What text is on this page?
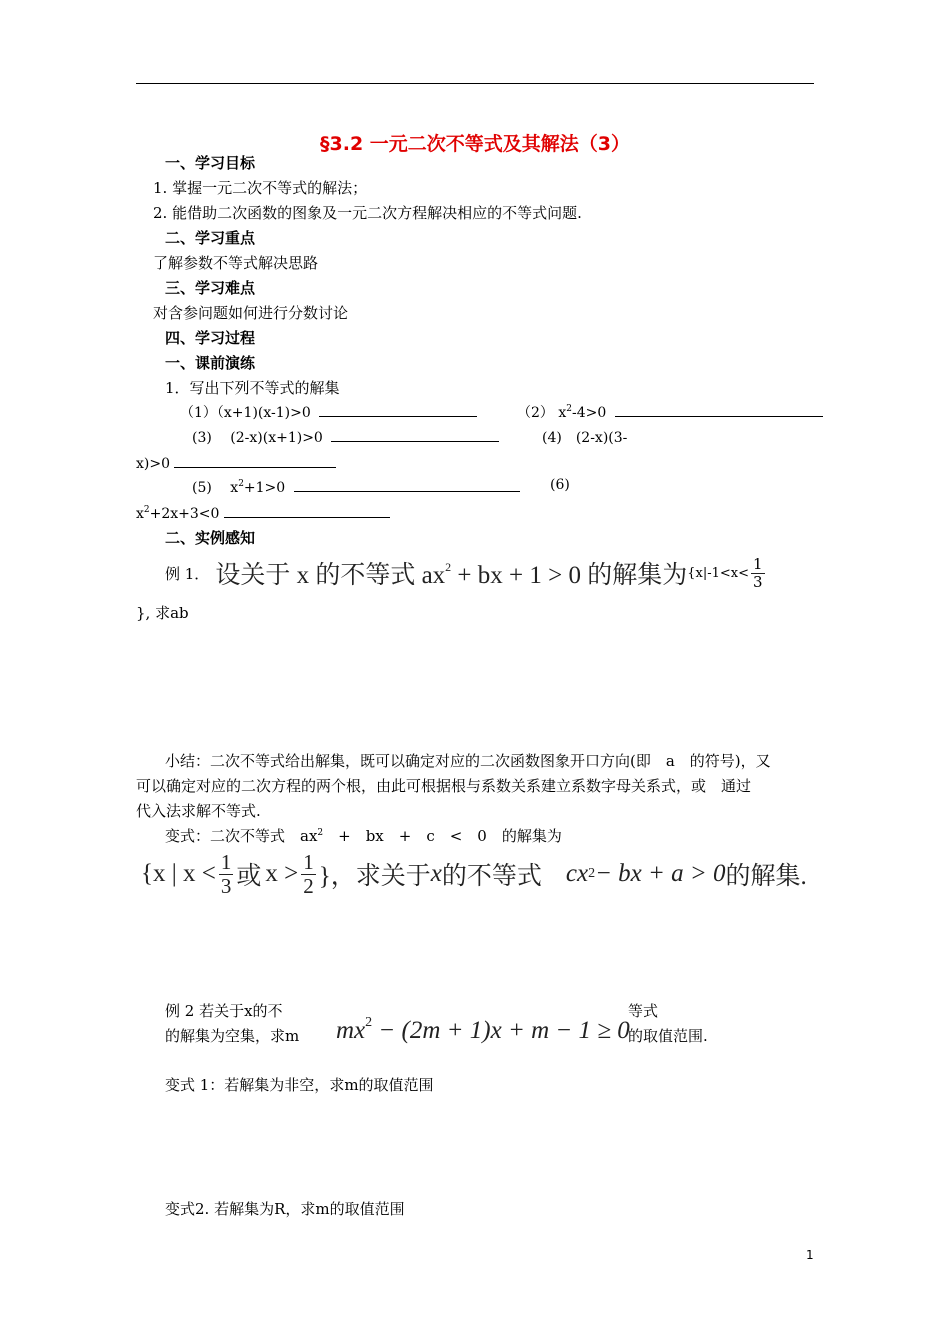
§3.2 一元二次不等式及其解法（3）
一、学习目标
1. 掌握一元二次不等式的解法；
2. 能借助二次函数的图象及一元二次方程解决相应的不等式问题.
二、学习重点
了解参数不等式解决思路
三、学习难点
对含参问题如何进行分数讨论
四、学习过程
一、课前演练
1．写出下列不等式的解集
（1）（x+1)(x-1)>0	（2） $x^2-4>0$
(3)　 (2-x)(x+1)>0	(4)　(2-x)(3-
x)>0
(5)　 $x^2+1>0$	(6)
$x^2+2x+3<0$
二、实例感知
例 1． 设关于 x 的不等式 $ax^2$ + bx + 1 > 0 的解集为 {$x|-1<x< \frac{1}{3}$
}, 求ab
小结：二次不等式给出解集，既可以确定对应的二次函数图象开口方向(即　a　的符号)，又
可以确定对应的二次方程的两个根，由此可根据根与系数关系建立系数字母关系式，或　通过
代入法求解不等式.
变式：二次不等式　$ax^2$　+　bx　+　c　<　0　的解集为
{x | $x < \frac{1}{3}$ 或 $x > \frac{1}{2}$ }，求关于 x 的不等式 cx 2 − bx + a > 0 的解集.
例 2 若关于x的不	等式
的解集为空集，求m $mx^2 - (2m + 1)x + m - 1 \ge 0$
的取值范围.
变式 1：若解集为非空，求m的取值范围
变式2. 若解集为R，求m的取值范围
1
